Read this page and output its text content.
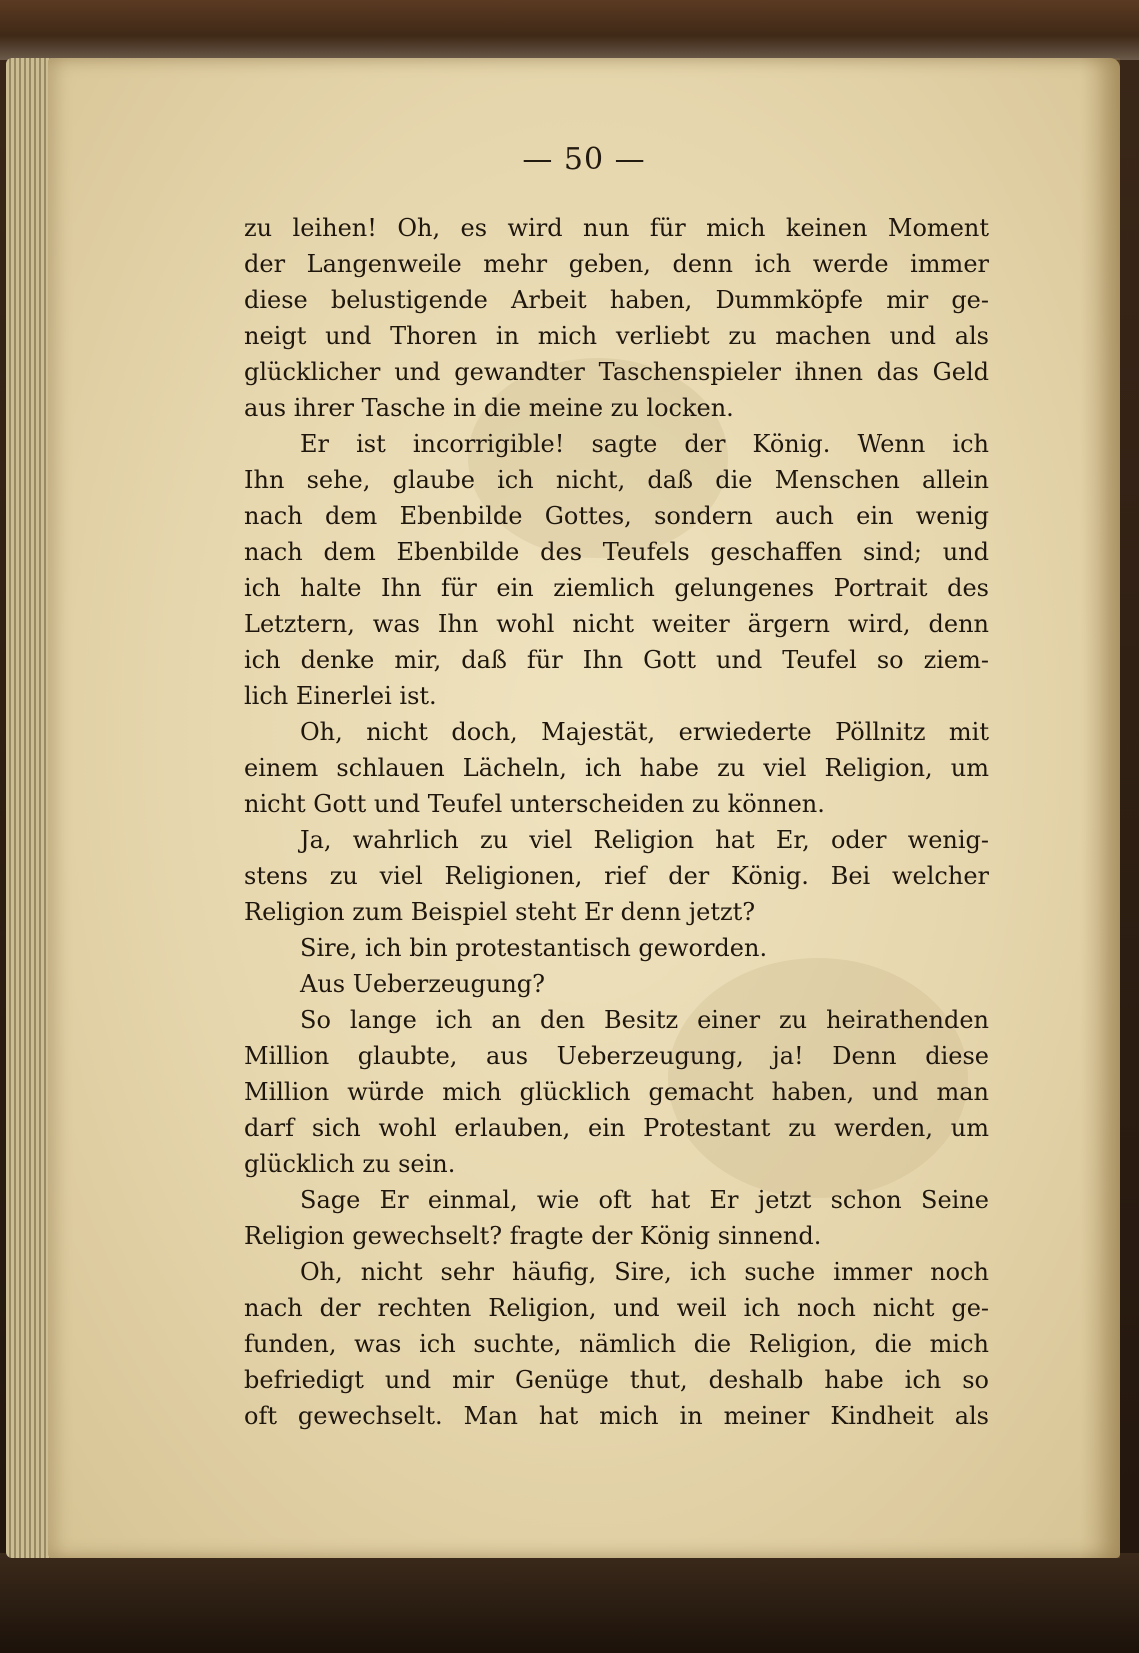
— 50 —
zu leihen! Oh, es wird nun für mich keinen Moment
der Langenweile mehr geben, denn ich werde immer
diese belustigende Arbeit haben, Dummköpfe mir ge-
neigt und Thoren in mich verliebt zu machen und als
glücklicher und gewandter Taschenspieler ihnen das Geld
aus ihrer Tasche in die meine zu locken.
Er ist incorrigible! sagte der König. Wenn ich
Ihn sehe, glaube ich nicht, daß die Menschen allein
nach dem Ebenbilde Gottes, sondern auch ein wenig
nach dem Ebenbilde des Teufels geschaffen sind; und
ich halte Ihn für ein ziemlich gelungenes Portrait des
Letztern, was Ihn wohl nicht weiter ärgern wird, denn
ich denke mir, daß für Ihn Gott und Teufel so ziem-
lich Einerlei ist.
Oh, nicht doch, Majestät, erwiederte Pöllnitz mit
einem schlauen Lächeln, ich habe zu viel Religion, um
nicht Gott und Teufel unterscheiden zu können.
Ja, wahrlich zu viel Religion hat Er, oder wenig-
stens zu viel Religionen, rief der König. Bei welcher
Religion zum Beispiel steht Er denn jetzt?
Sire, ich bin protestantisch geworden.
Aus Ueberzeugung?
So lange ich an den Besitz einer zu heirathenden
Million glaubte, aus Ueberzeugung, ja! Denn diese
Million würde mich glücklich gemacht haben, und man
darf sich wohl erlauben, ein Protestant zu werden, um
glücklich zu sein.
Sage Er einmal, wie oft hat Er jetzt schon Seine
Religion gewechselt? fragte der König sinnend.
Oh, nicht sehr häufig, Sire, ich suche immer noch
nach der rechten Religion, und weil ich noch nicht ge-
funden, was ich suchte, nämlich die Religion, die mich
befriedigt und mir Genüge thut, deshalb habe ich so
oft gewechselt. Man hat mich in meiner Kindheit als
